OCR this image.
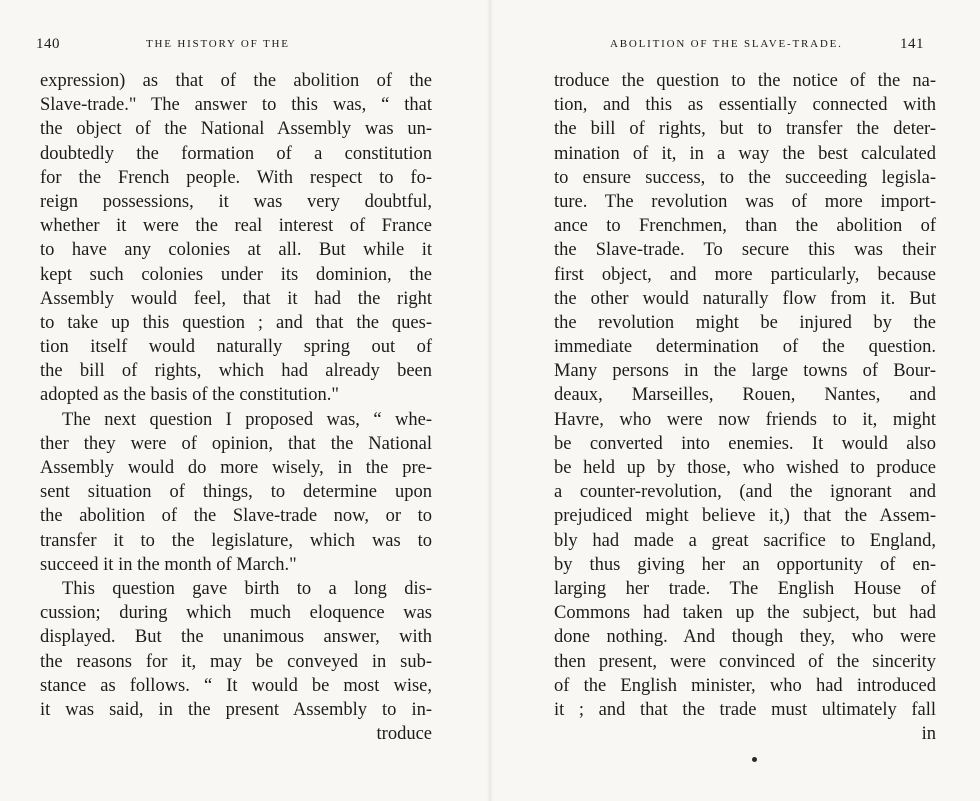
140	THE HISTORY OF THE
expression) as that of the abolition of the
Slave-trade." The answer to this was, “ that
the object of the National Assembly was un-
doubtedly the formation of a constitution
for the French people. With respect to fo-
reign possessions, it was very doubtful,
whether it were the real interest of France
to have any colonies at all. But while it
kept such colonies under its dominion, the
Assembly would feel, that it had the right
to take up this question ; and that the ques-
tion itself would naturally spring out of
the bill of rights, which had already been
adopted as the basis of the constitution."
The next question I proposed was, “ whe-
ther they were of opinion, that the National
Assembly would do more wisely, in the pre-
sent situation of things, to determine upon
the abolition of the Slave-trade now, or to
transfer it to the legislature, which was to
succeed it in the month of March."
This question gave birth to a long dis-
cussion; during which much eloquence was
displayed. But the unanimous answer, with
the reasons for it, may be conveyed in sub-
stance as follows. “ It would be most wise,
it was said, in the present Assembly to in-
troduce
ABOLITION OF THE SLAVE-TRADE.	141
troduce the question to the notice of the na-
tion, and this as essentially connected with
the bill of rights, but to transfer the deter-
mination of it, in a way the best calculated
to ensure success, to the succeeding legisla-
ture. The revolution was of more import-
ance to Frenchmen, than the abolition of
the Slave-trade. To secure this was their
first object, and more particularly, because
the other would naturally flow from it. But
the revolution might be injured by the
immediate determination of the question.
Many persons in the large towns of Bour-
deaux, Marseilles, Rouen, Nantes, and
Havre, who were now friends to it, might
be converted into enemies. It would also
be held up by those, who wished to produce
a counter-revolution, (and the ignorant and
prejudiced might believe it,) that the Assem-
bly had made a great sacrifice to England,
by thus giving her an opportunity of en-
larging her trade. The English House of
Commons had taken up the subject, but had
done nothing. And though they, who were
then present, were convinced of the sincerity
of the English minister, who had introduced
it ; and that the trade must ultimately fall
in
